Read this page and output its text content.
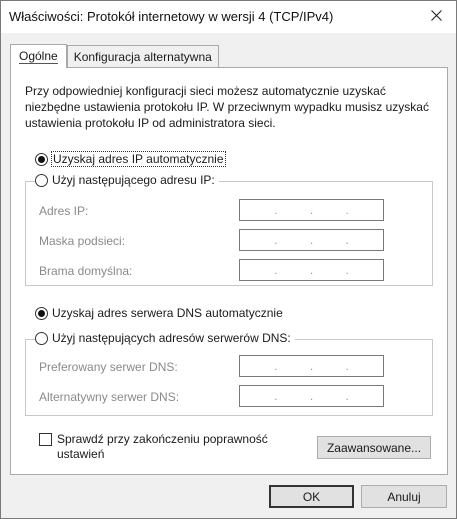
Właściwości: Protokół internetowy w wersji 4 (TCP/IPv4)
Ogólne Konfiguracja alternatywna
Przy odpowiedniej konfiguracji sieci możesz automatycznie uzyskać niezbędne ustawienia protokołu IP. W przeciwnym wypadku musisz uzyskać ustawienia protokołu IP od administratora sieci.
Uzyskaj adres IP automatycznie
Użyj następującego adresu IP:
Adres IP:	.	.	.
Maska podsieci:	.	.	.
Brama domyślna:	.	.	.
Uzyskaj adres serwera DNS automatycznie
Użyj następujących adresów serwerów DNS:
Preferowany serwer DNS:	.	.	.
Alternatywny serwer DNS:	.	.	.
Sprawdź przy zakończeniu poprawność ustawień	Zaawansowane...
OK	Anuluj
